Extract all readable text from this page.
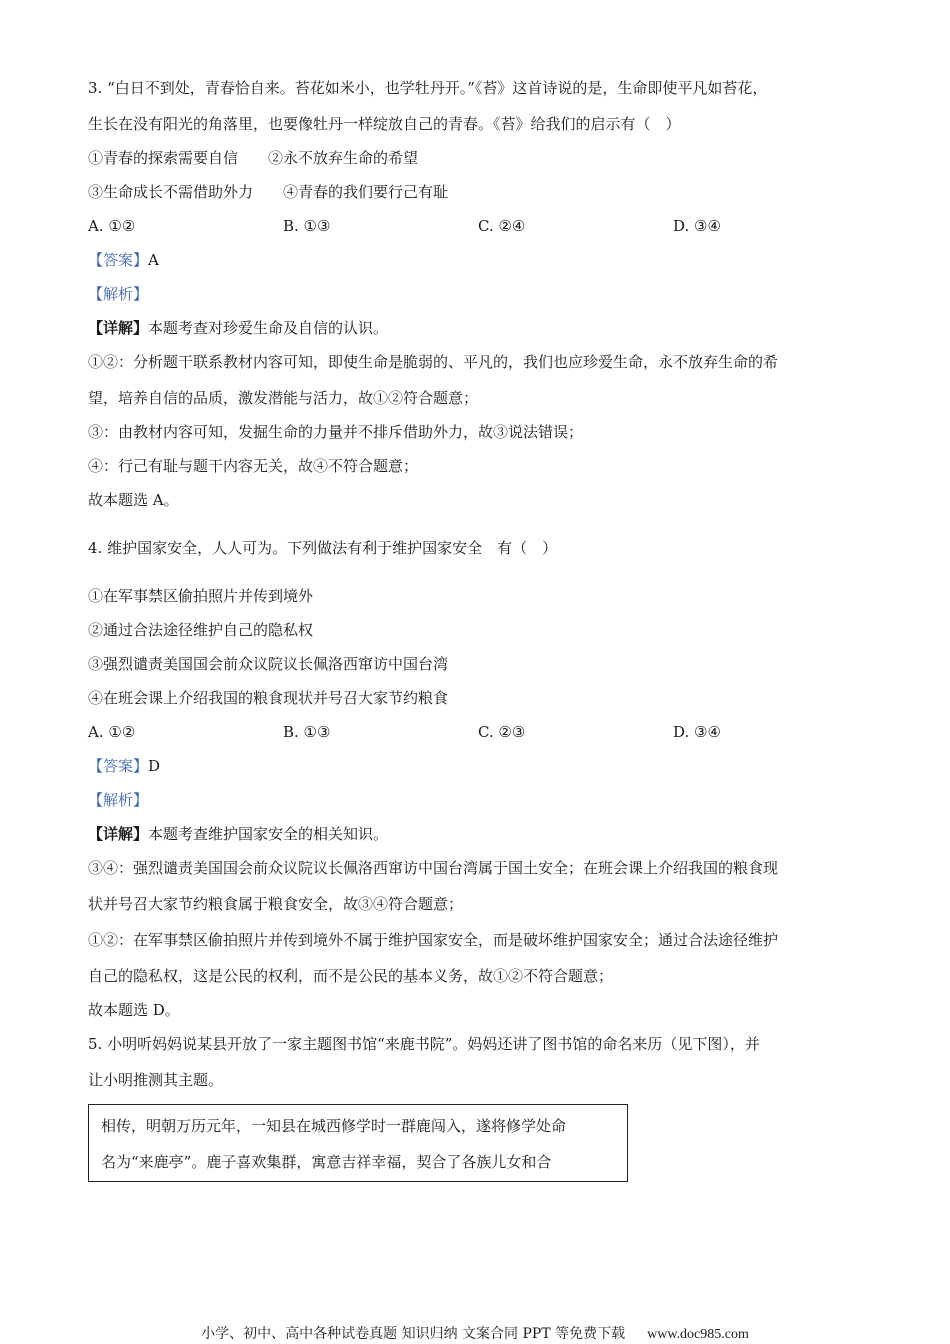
3. “白日不到处，青春恰自来。苔花如米小，也学牡丹开。”《苔》这首诗说的是，生命即使平凡如苔花，
生长在没有阳光的角落里，也要像牡丹一样绽放自己的青春。《苔》给我们的启示有（　）
①青春的探索需要自信　　②永不放弃生命的希望
③生命成长不需借助外力　　④青春的我们要行己有耻
A. ①②	B. ①③	C. ②④	D. ③④
【答案】A
【解析】
【详解】本题考查对珍爱生命及自信的认识。
①②：分析题干联系教材内容可知，即使生命是脆弱的、平凡的，我们也应珍爱生命，永不放弃生命的希
望，培养自信的品质，激发潜能与活力，故①②符合题意；
③：由教材内容可知，发掘生命的力量并不排斥借助外力，故③说法错误；
④：行己有耻与题干内容无关，故④不符合题意；
故本题选 A。
4. 维护国家安全，人人可为。下列做法有利于维护国家安全　有（　）
①在军事禁区偷拍照片并传到境外
②通过合法途径维护自己的隐私权
③强烈谴责美国国会前众议院议长佩洛西窜访中国台湾
④在班会课上介绍我国的粮食现状并号召大家节约粮食
A. ①②	B. ①③	C. ②③	D. ③④
【答案】D
【解析】
【详解】本题考查维护国家安全的相关知识。
③④：强烈谴责美国国会前众议院议长佩洛西窜访中国台湾属于国土安全；在班会课上介绍我国的粮食现
状并号召大家节约粮食属于粮食安全，故③④符合题意；
①②：在军事禁区偷拍照片并传到境外不属于维护国家安全，而是破坏维护国家安全；通过合法途径维护
自己的隐私权，这是公民的权利，而不是公民的基本义务，故①②不符合题意；
故本题选 D。
5. 小明听妈妈说某县开放了一家主题图书馆“来鹿书院”。妈妈还讲了图书馆的命名来历（见下图），并
让小明推测其主题。
相传，明朝万历元年，一知县在城西修学时一群鹿闯入，遂将修学处命
名为“来鹿亭”。鹿子喜欢集群，寓意吉祥幸福，契合了各族儿女和合
小学、初中、高中各种试卷真题 知识归纳 文案合同 PPT 等免费下载 www.doc985.com
